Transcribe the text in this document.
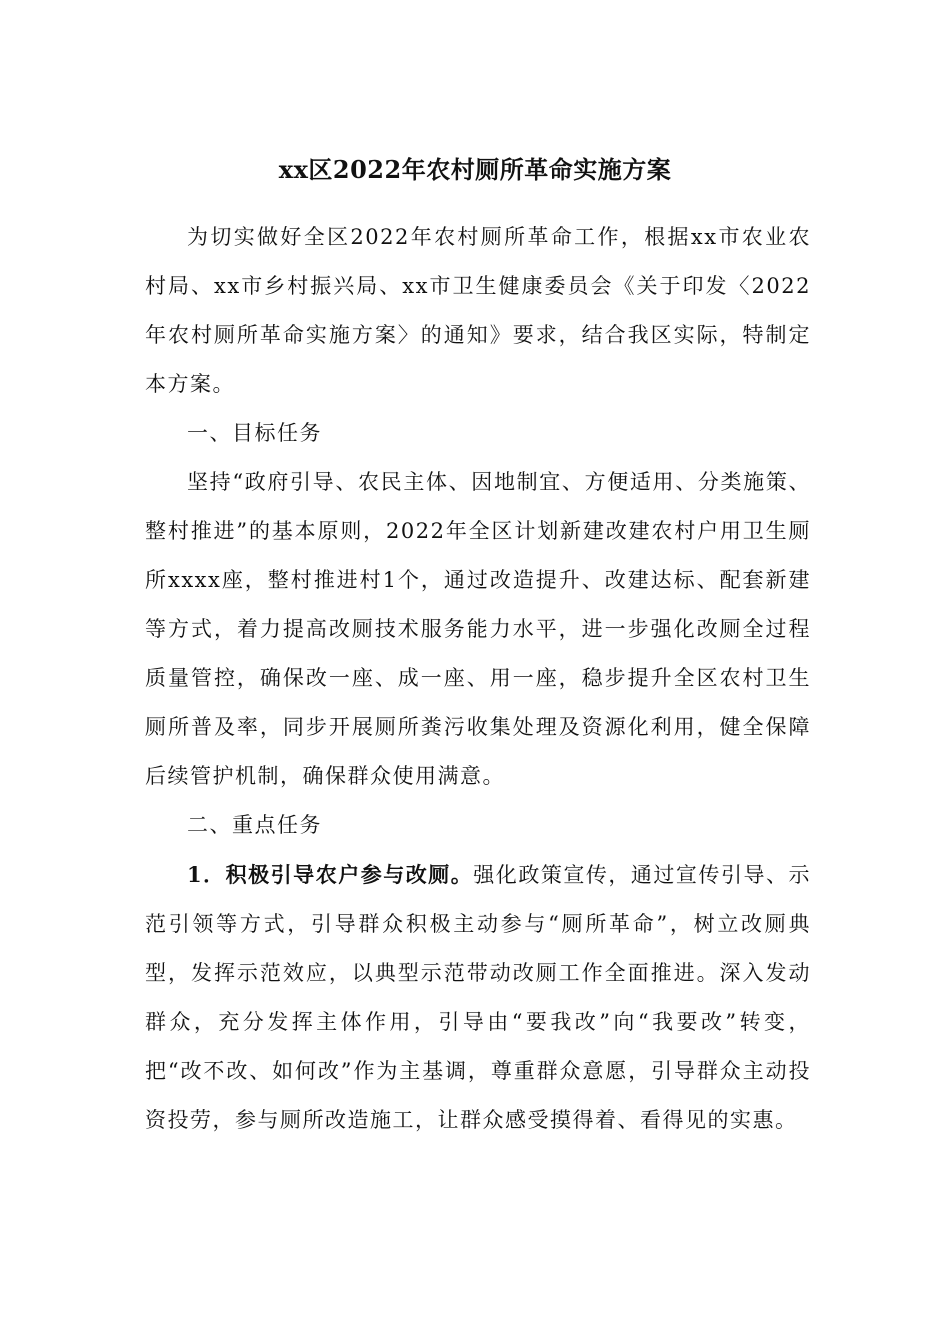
xx区2022年农村厕所革命实施方案

为切实做好全区2022年农村厕所革命工作，根据xx市农业农村局、xx市乡村振兴局、xx市卫生健康委员会《关于印发〈2022年农村厕所革命实施方案〉的通知》要求，结合我区实际，特制定本方案。

一、目标任务

坚持“政府引导、农民主体、因地制宜、方便适用、分类施策、整村推进”的基本原则，2022年全区计划新建改建农村户用卫生厕所xxxx座，整村推进村1个，通过改造提升、改建达标、配套新建等方式，着力提高改厕技术服务能力水平，进一步强化改厕全过程质量管控，确保改一座、成一座、用一座，稳步提升全区农村卫生厕所普及率，同步开展厕所粪污收集处理及资源化利用，健全保障后续管护机制，确保群众使用满意。

二、重点任务

1．积极引导农户参与改厕。强化政策宣传，通过宣传引导、示范引领等方式，引导群众积极主动参与“厕所革命”，树立改厕典型，发挥示范效应，以典型示范带动改厕工作全面推进。深入发动群众，充分发挥主体作用，引导由“要我改”向“我要改”转变，把“改不改、如何改”作为主基调，尊重群众意愿，引导群众主动投资投劳，参与厕所改造施工，让群众感受摸得着、看得见的实惠。
